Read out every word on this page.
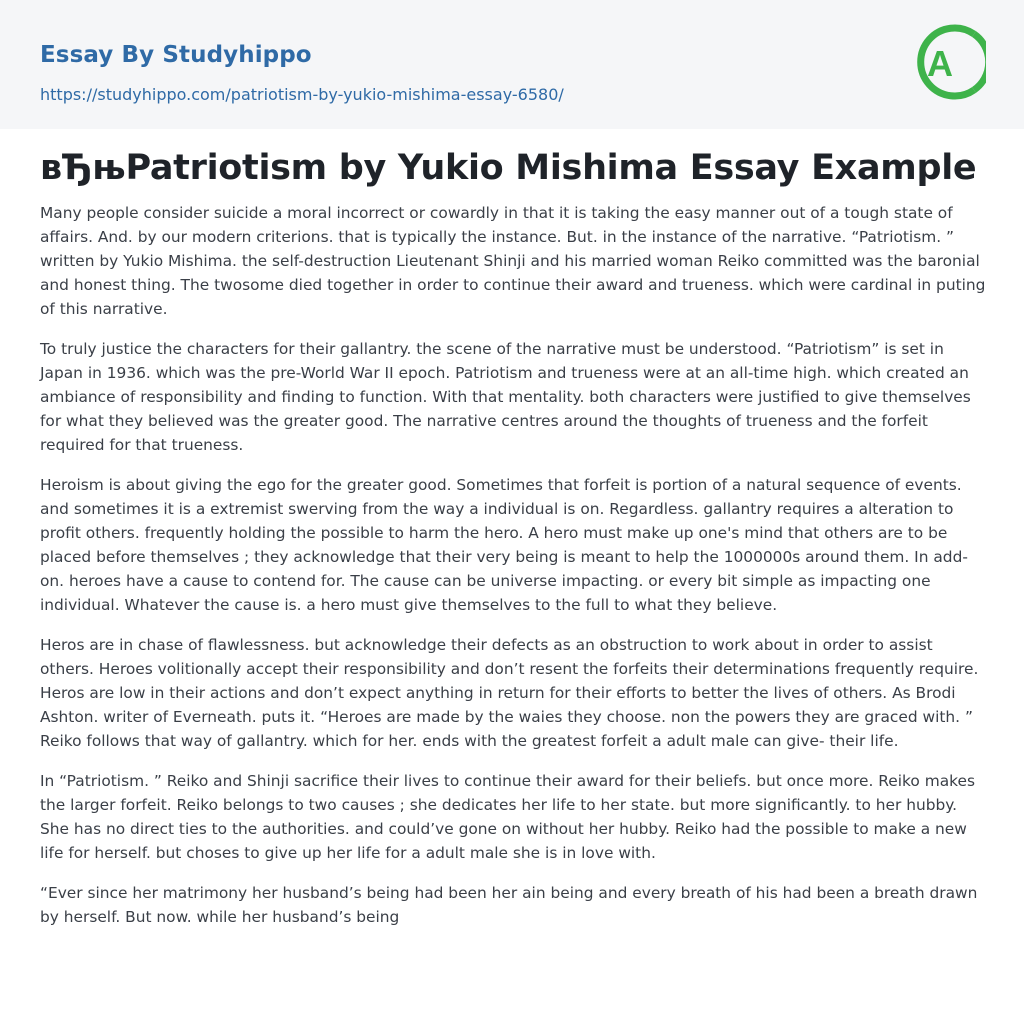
Essay By Studyhippo
https://studyhippo.com/patriotism-by-yukio-mishima-essay-6580/
A
вЂњPatriotism by Yukio Mishima Essay Example

Many people consider suicide a moral incorrect or cowardly in that it is taking the easy manner out of a tough state of affairs. And. by our modern criterions. that is typically the instance. But. in the instance of the narrative. “Patriotism. ” written by Yukio Mishima. the self-destruction Lieutenant Shinji and his married woman Reiko committed was the baronial and honest thing. The twosome died together in order to continue their award and trueness. which were cardinal in puting of this narrative.

To truly justice the characters for their gallantry. the scene of the narrative must be understood. “Patriotism” is set in Japan in 1936. which was the pre-World War II epoch. Patriotism and trueness were at an all-time high. which created an ambiance of responsibility and finding to function. With that mentality. both characters were justified to give themselves for what they believed was the greater good. The narrative centres around the thoughts of trueness and the forfeit required for that trueness.

Heroism is about giving the ego for the greater good. Sometimes that forfeit is portion of a natural sequence of events. and sometimes it is a extremist swerving from the way a individual is on. Regardless. gallantry requires a alteration to profit others. frequently holding the possible to harm the hero. A hero must make up one's mind that others are to be placed before themselves ; they acknowledge that their very being is meant to help the 1000000s around them. In add-on. heroes have a cause to contend for. The cause can be universe impacting. or every bit simple as impacting one individual. Whatever the cause is. a hero must give themselves to the full to what they believe.

Heros are in chase of flawlessness. but acknowledge their defects as an obstruction to work about in order to assist others. Heroes volitionally accept their responsibility and don’t resent the forfeits their determinations frequently require. Heros are low in their actions and don’t expect anything in return for their efforts to better the lives of others. As Brodi Ashton. writer of Everneath. puts it. “Heroes are made by the waies they choose. non the powers they are graced with. ” Reiko follows that way of gallantry. which for her. ends with the greatest forfeit a adult male can give- their life.

In “Patriotism. ” Reiko and Shinji sacrifice their lives to continue their award for their beliefs. but once more. Reiko makes the larger forfeit. Reiko belongs to two causes ; she dedicates her life to her state. but more significantly. to her hubby. She has no direct ties to the authorities. and could’ve gone on without her hubby. Reiko had the possible to make a new life for herself. but choses to give up her life for a adult male she is in love with.

“Ever since her matrimony her husband’s being had been her ain being and every breath of his had been a breath drawn by herself. But now. while her husband’s being
